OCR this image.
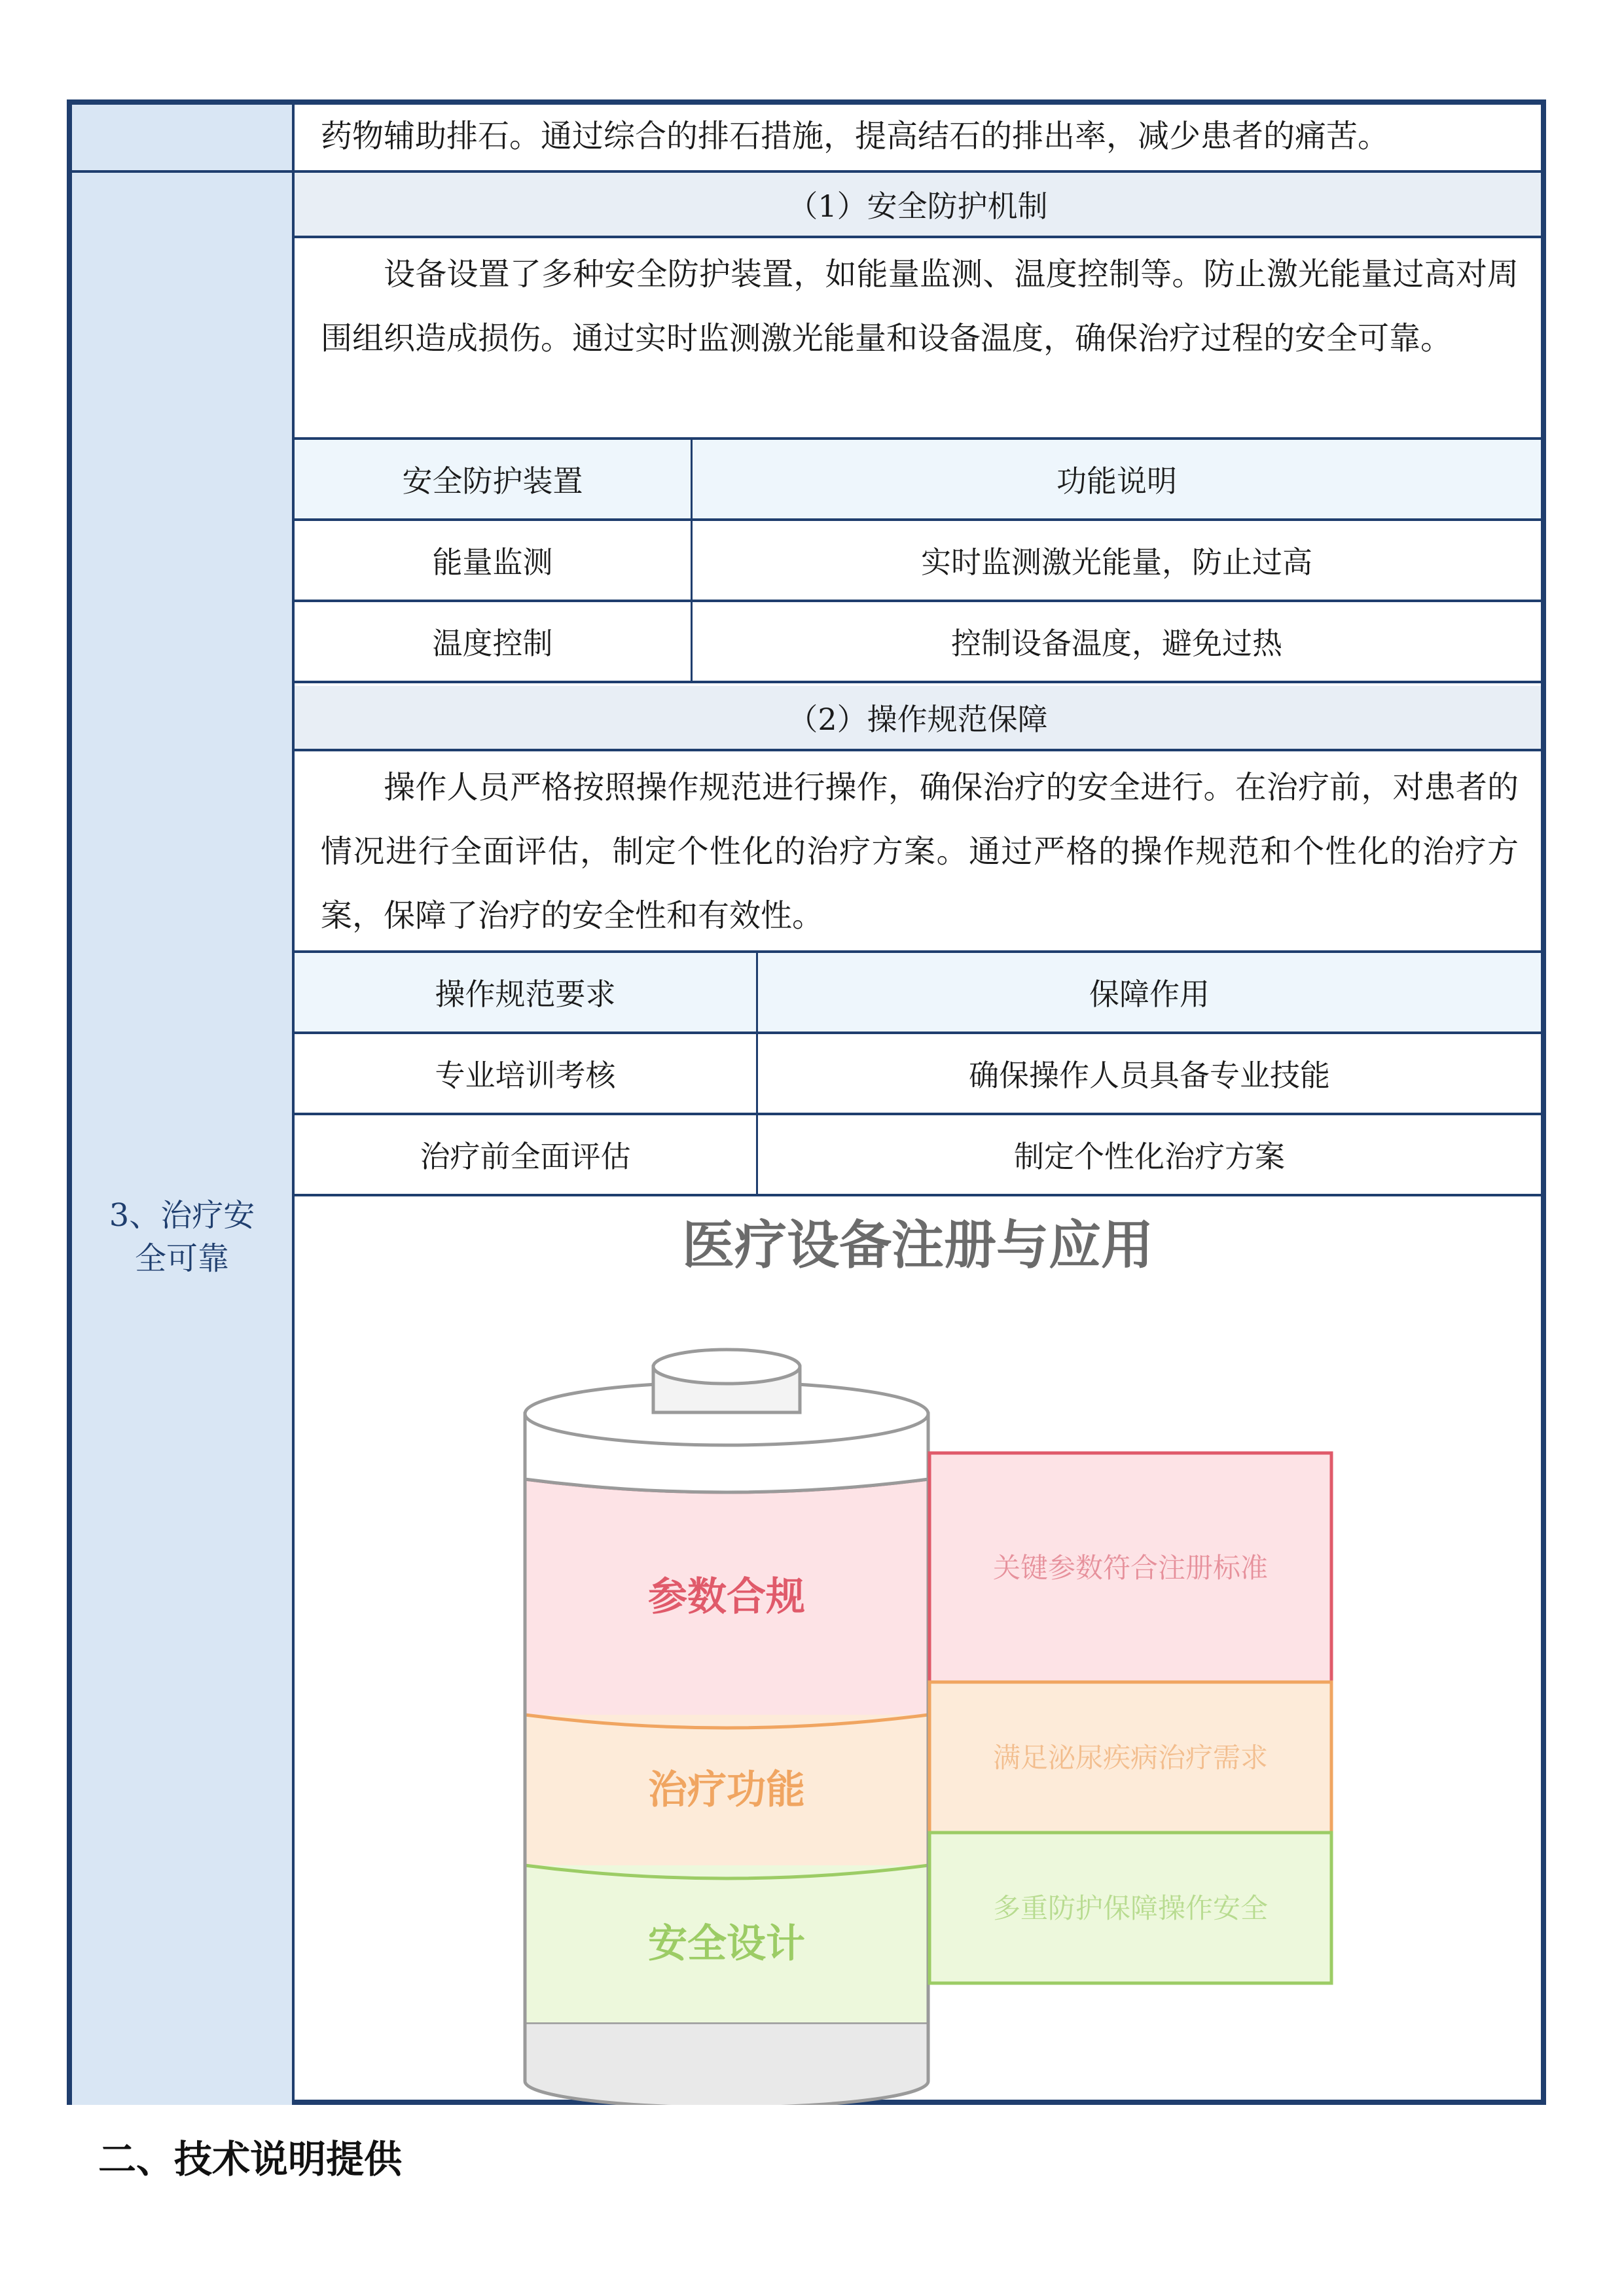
3、治疗安
全可靠
药物辅助排石。通过综合的排石措施，提高结石的排出率，减少患者的痛苦。
（1）安全防护机制
设备设置了多种安全防护装置，如能量监测、温度控制等。防止激光能量过高对周围组织造成损伤。通过实时监测激光能量和设备温度，确保治疗过程的安全可靠。
安全防护装置	功能说明
能量监测	实时监测激光能量，防止过高
温度控制	控制设备温度，避免过热
（2）操作规范保障
操作人员严格按照操作规范进行操作，确保治疗的安全进行。在治疗前，对患者的情况进行全面评估，制定个性化的治疗方案。通过严格的操作规范和个性化的治疗方案，保障了治疗的安全性和有效性。
操作规范要求	保障作用
专业培训考核	确保操作人员具备专业技能
治疗前全面评估	制定个性化治疗方案
医疗设备注册与应用
参数合规
治疗功能
安全设计
关键参数符合注册标准
满足泌尿疾病治疗需求
多重防护保障操作安全
二、技术说明提供
